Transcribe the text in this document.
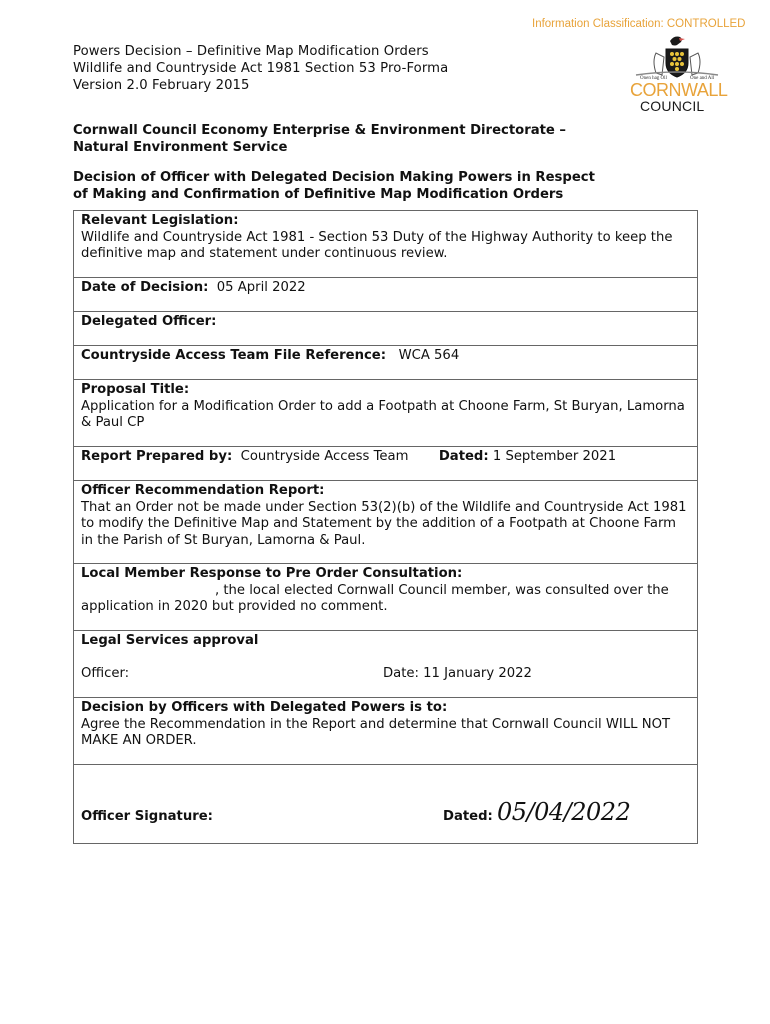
Information Classification: CONTROLLED
Powers Decision – Definitive Map Modification Orders
Wildlife and Countryside Act 1981 Section 53 Pro-Forma
Version 2.0 February 2015	Onen hag Oll	One and All
CORNWALL
COUNCIL
Cornwall Council Economy Enterprise & Environment Directorate –
Natural Environment Service
Decision of Officer with Delegated Decision Making Powers in Respect
of Making and Confirmation of Definitive Map Modification Orders
Relevant Legislation:
Wildlife and Countryside Act 1981 - Section 53 Duty of the Highway Authority to keep the definitive map and statement under continuous review.

Date of Decision: 05 April 2022
Delegated Officer:
Countryside Access Team File Reference: WCA 564

Proposal Title:
Application for a Modification Order to add a Footpath at Choone Farm, St Buryan, Lamorna & Paul CP

Report Prepared by: Countryside Access Team Dated: 1 September 2021

Officer Recommendation Report:
That an Order not be made under Section 53(2)(b) of the Wildlife and Countryside Act 1981 to modify the Definitive Map and Statement by the addition of a Footpath at Choone Farm in the Parish of St Buryan, Lamorna & Paul.

Local Member Response to Pre Order Consultation:
, the local elected Cornwall Council member, was consulted over the application in 2020 but provided no comment.

Legal Services approval
Officer:	Date: 11 January 2022

Decision by Officers with Delegated Powers is to:
Agree the Recommendation in the Report and determine that Cornwall Council WILL NOT MAKE AN ORDER.

Officer Signature:	Dated: 05/04/2022
